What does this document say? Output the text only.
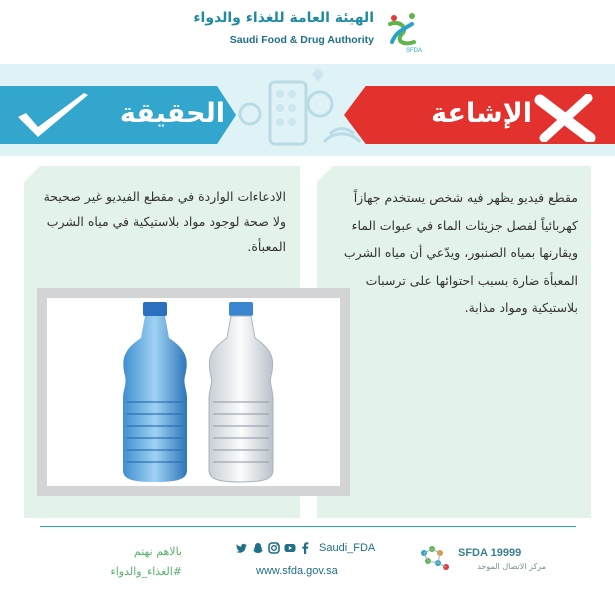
الهيئة العامة للغذاء والدواء
Saudi Food & Drug Authority
SFDA
الحقيقة	الإشاعة
الادعاءات الواردة في مقطع الفيديو غير صحيحة ولا صحة لوجود مواد بلاستيكية في مياه الشرب المعبأة.
مقطع فيديو يظهر فيه شخص يستخدم جهازاً كهربائياً لفصل جزيئات الماء في عبوات الماء ويقارنها بمياه الصنبور، ويدّعي أن مياه الشرب المعبأة ضارة بسبب احتوائها على ترسبات بلاستيكية ومواد مذابة.
بالاهم نهتم
#الغذاء_والدواء
Saudi_FDA
www.sfda.gov.sa
SFDA 19999
مركز الاتصال الموحد
